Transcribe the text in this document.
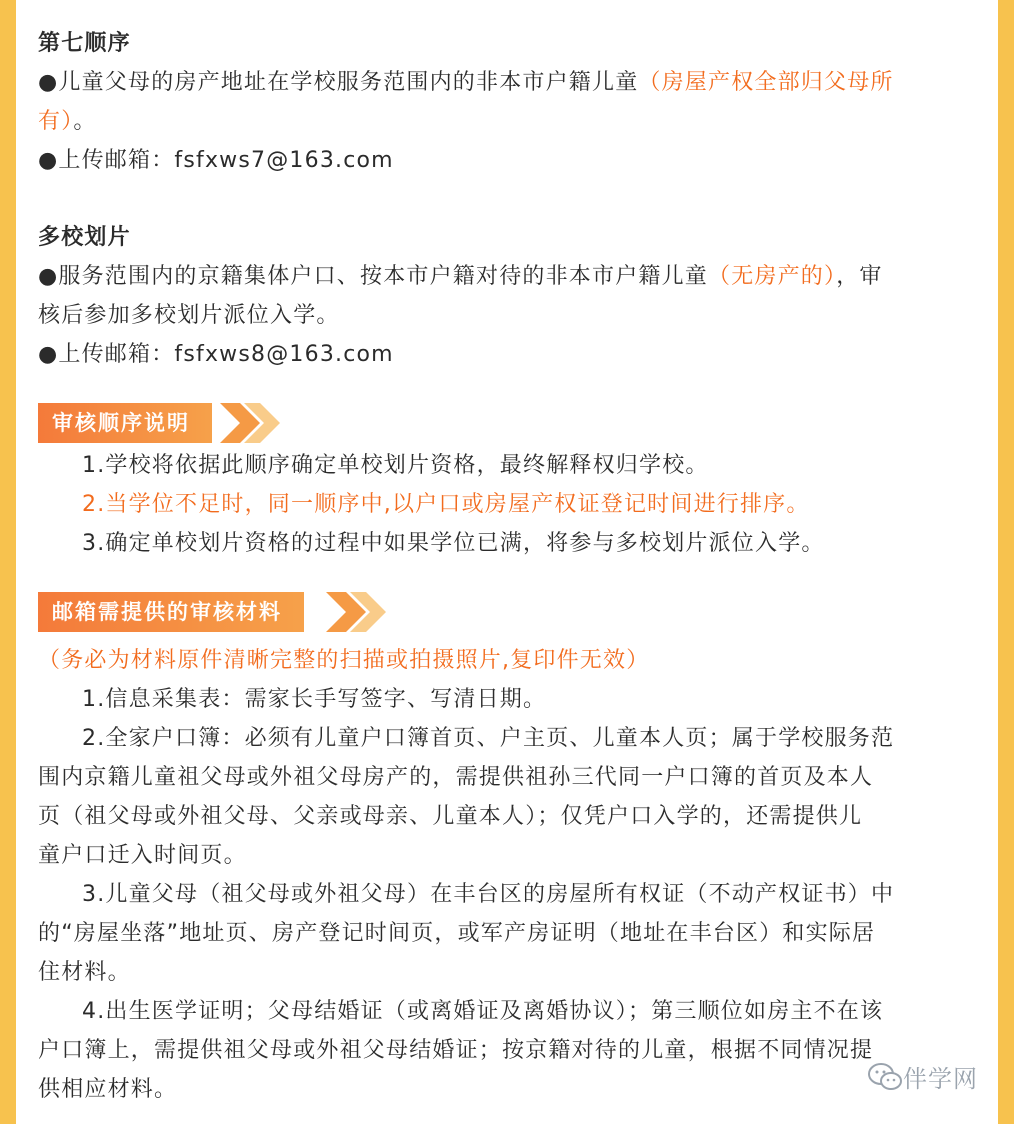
第七顺序
●儿童父母的房产地址在学校服务范围内的非本市户籍儿童（房屋产权全部归父母所
有）。
●上传邮箱：fsfxws7@163.com
多校划片
●服务范围内的京籍集体户口、按本市户籍对待的非本市户籍儿童（无房产的），审
核后参加多校划片派位入学。
●上传邮箱：fsfxws8@163.com
审核顺序说明
1.学校将依据此顺序确定单校划片资格，最终解释权归学校。
2.当学位不足时，同一顺序中,以户口或房屋产权证登记时间进行排序。
3.确定单校划片资格的过程中如果学位已满，将参与多校划片派位入学。
邮箱需提供的审核材料
（务必为材料原件清晰完整的扫描或拍摄照片,复印件无效）
1.信息采集表：需家长手写签字、写清日期。
2.全家户口簿：必须有儿童户口簿首页、户主页、儿童本人页；属于学校服务范
围内京籍儿童祖父母或外祖父母房产的，需提供祖孙三代同一户口簿的首页及本人
页（祖父母或外祖父母、父亲或母亲、儿童本人）；仅凭户口入学的，还需提供儿
童户口迁入时间页。
3.儿童父母（祖父母或外祖父母）在丰台区的房屋所有权证（不动产权证书）中
的“房屋坐落”地址页、房产登记时间页，或军产房证明（地址在丰台区）和实际居
住材料。
4.出生医学证明；父母结婚证（或离婚证及离婚协议）；第三顺位如房主不在该
户口簿上，需提供祖父母或外祖父母结婚证；按京籍对待的儿童，根据不同情况提
供相应材料。	伴学网
